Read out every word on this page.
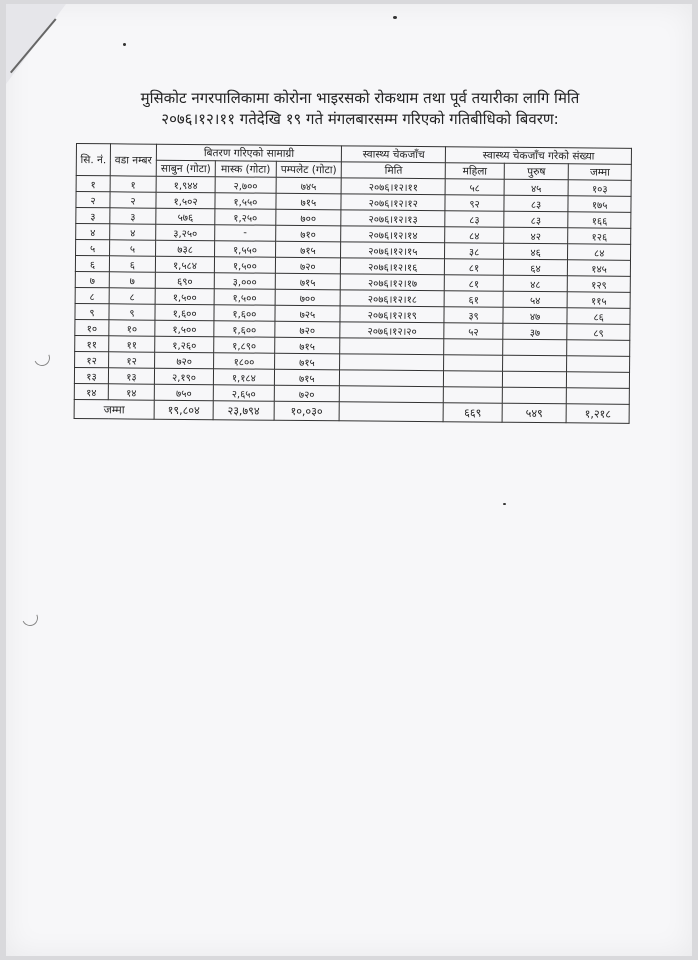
मुसिकोट नगरपालिकामा कोरोना भाइरसको रोकथाम तथा पूर्व तयारीका लागि मिति
२०७६।१२।११ गतेदेखि १९ गते मंगलबारसम्म गरिएको गतिबीधिको बिवरण:
सि. नं.	वडा नम्बर	बितरण गरिएको सामाग्री			स्वास्थ्य चेकजाँच	स्वास्थ्य चेकजाँच गरेको संख्या		
		साबुन (गोटा)	मास्क (गोटा)	पम्पलेट (गोटा)	मिति	महिला	पुरुष	जम्मा
१	१	१,९४४	२,७००	७४५	२०७६।१२।११	५८	४५	१०३
२	२	१,५०२	१,५५०	७१५	२०७६।१२।१२	९२	८३	१७५
३	३	५७६	१,२५०	७००	२०७६।१२।१३	८३	८३	१६६
४	४	३,२५०	-	७१०	२०७६।१२।१४	८४	४२	१२६
५	५	७३८	१,५५०	७१५	२०७६।१२।१५	३८	४६	८४
६	६	१,५८४	१,५००	७२०	२०७६।१२।१६	८१	६४	१४५
७	७	६९०	३,०००	७१५	२०७६।१२।१७	८१	४८	१२९
८	८	१,५००	१,५००	७००	२०७६।१२।१८	६१	५४	११५
९	९	१,६००	१,६००	७२५	२०७६।१२।१९	३९	४७	८६
१०	१०	१,५००	१,६००	७२०	२०७६।१२।२०	५२	३७	८९
११	११	१,२६०	१,८९०	७१५				
१२	१२	७२०	१८००	७१५				
१३	१३	२,१९०	१,१८४	७१५				
१४	१४	७५०	२,६५०	७२०				
जम्मा		१९,८०४	२३,७९४	१०,०३०		६६९	५४९	१,२१८
